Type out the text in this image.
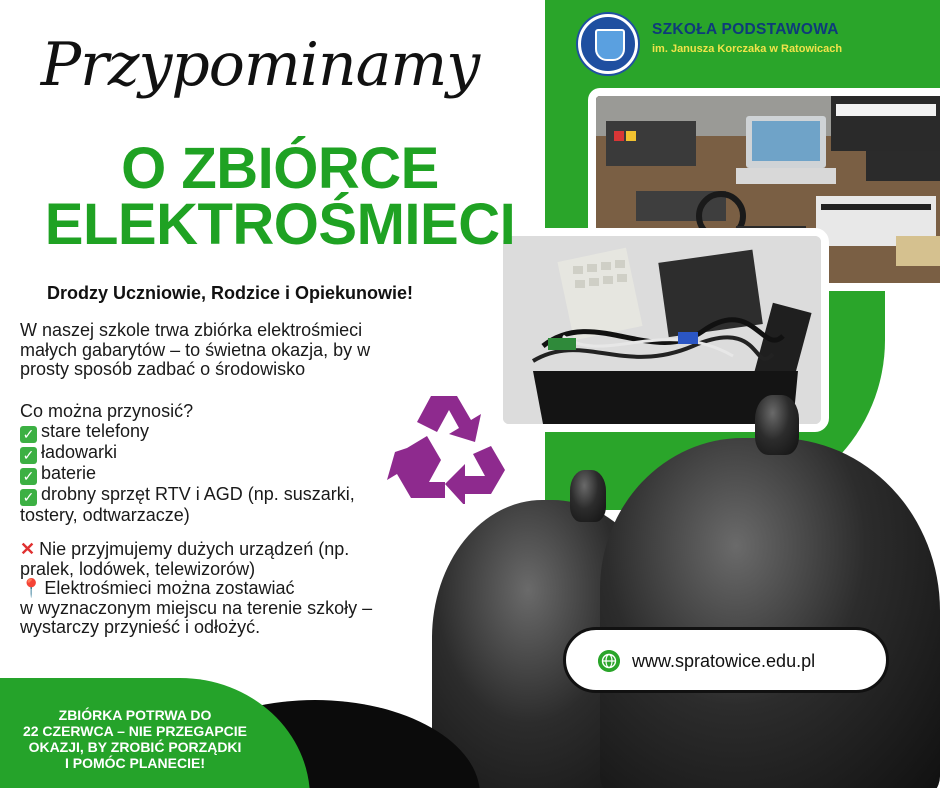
SZKOŁA PODSTAWOWA
im. Janusza Korczaka w Ratowicach
Przypominamy
O ZBIÓRCE
ELEKTROŚMIECI
Drodzy Uczniowie, Rodzice i Opiekunowie!
W naszej szkole trwa zbiórka elektrośmieci
małych gabarytów – to świetna okazja, by w
prosty sposób zadbać o środowisko
Co można przynosić?
✓ stare telefony
✓ ładowarki
✓ baterie
✓ drobny sprzęt RTV i AGD (np. suszarki,
tostery, odtwarzacze)
✕ Nie przyjmujemy dużych urządzeń (np.
pralek, lodówek, telewizorów)
📍 Elektrośmieci można zostawiać
w wyznaczonym miejscu na terenie szkoły –
wystarczy przynieść i odłożyć.
ZBIÓRKA POTRWA DO
22 CZERWCA – NIE PRZEGAPCIE
OKAZJI, BY ZROBIĆ PORZĄDKI
I POMÓC PLANECIE!
www.spratowice.edu.pl
